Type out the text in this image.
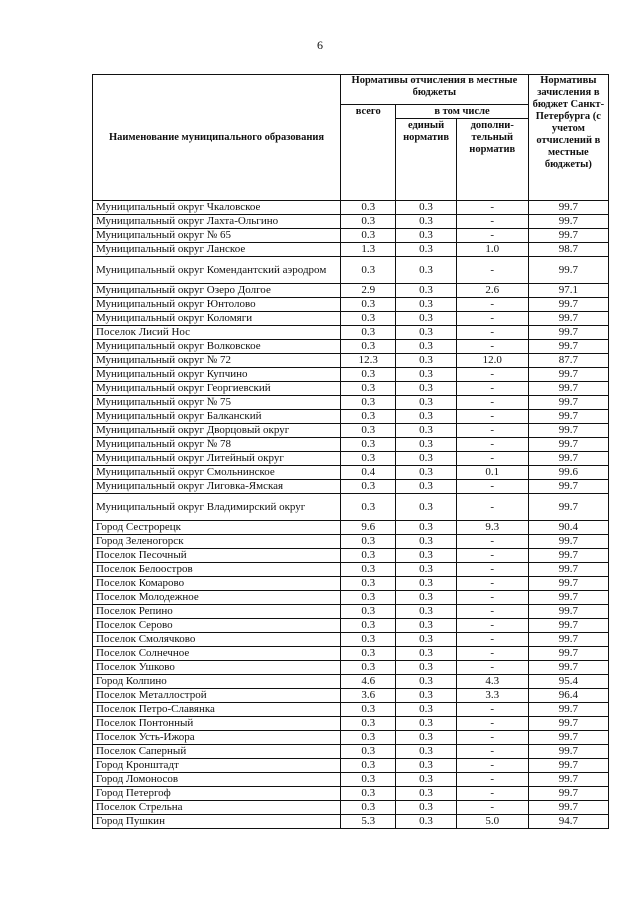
6
Наименование муниципального образования	Нормативы отчисления в местные бюджеты			Нормативы зачисления в бюджет Санкт-Петербурга (с учетом отчислений в местные бюджеты)
	всего	в том числе		
		единый норматив	дополни- тельный норматив	
Муниципальный округ Чкаловское	0.3	0.3	-	99.7
Муниципальный округ Лахта-Ольгино	0.3	0.3	-	99.7
Муниципальный округ № 65	0.3	0.3	-	99.7
Муниципальный округ Ланское	1.3	0.3	1.0	98.7
Муниципальный округ Комендантский аэродром	0.3	0.3	-	99.7
Муниципальный округ Озеро Долгое	2.9	0.3	2.6	97.1
Муниципальный округ Юнтолово	0.3	0.3	-	99.7
Муниципальный округ Коломяги	0.3	0.3	-	99.7
Поселок Лисий Нос	0.3	0.3	-	99.7
Муниципальный округ Волковское	0.3	0.3	-	99.7
Муниципальный округ № 72	12.3	0.3	12.0	87.7
Муниципальный округ Купчино	0.3	0.3	-	99.7
Муниципальный округ Георгиевский	0.3	0.3	-	99.7
Муниципальный округ № 75	0.3	0.3	-	99.7
Муниципальный округ Балканский	0.3	0.3	-	99.7
Муниципальный округ Дворцовый округ	0.3	0.3	-	99.7
Муниципальный округ № 78	0.3	0.3	-	99.7
Муниципальный округ Литейный округ	0.3	0.3	-	99.7
Муниципальный округ Смольнинское	0.4	0.3	0.1	99.6
Муниципальный округ Лиговка-Ямская	0.3	0.3	-	99.7
Муниципальный округ Владимирский округ	0.3	0.3	-	99.7
Город Сестрорецк	9.6	0.3	9.3	90.4
Город Зеленогорск	0.3	0.3	-	99.7
Поселок Песочный	0.3	0.3	-	99.7
Поселок Белоостров	0.3	0.3	-	99.7
Поселок Комарово	0.3	0.3	-	99.7
Поселок Молодежное	0.3	0.3	-	99.7
Поселок Репино	0.3	0.3	-	99.7
Поселок Серово	0.3	0.3	-	99.7
Поселок Смолячково	0.3	0.3	-	99.7
Поселок Солнечное	0.3	0.3	-	99.7
Поселок Ушково	0.3	0.3	-	99.7
Город Колпино	4.6	0.3	4.3	95.4
Поселок Металлострой	3.6	0.3	3.3	96.4
Поселок Петро-Славянка	0.3	0.3	-	99.7
Поселок Понтонный	0.3	0.3	-	99.7
Поселок Усть-Ижора	0.3	0.3	-	99.7
Поселок Саперный	0.3	0.3	-	99.7
Город Кронштадт	0.3	0.3	-	99.7
Город Ломоносов	0.3	0.3	-	99.7
Город Петергоф	0.3	0.3	-	99.7
Поселок Стрельна	0.3	0.3	-	99.7
Город Пушкин	5.3	0.3	5.0	94.7
